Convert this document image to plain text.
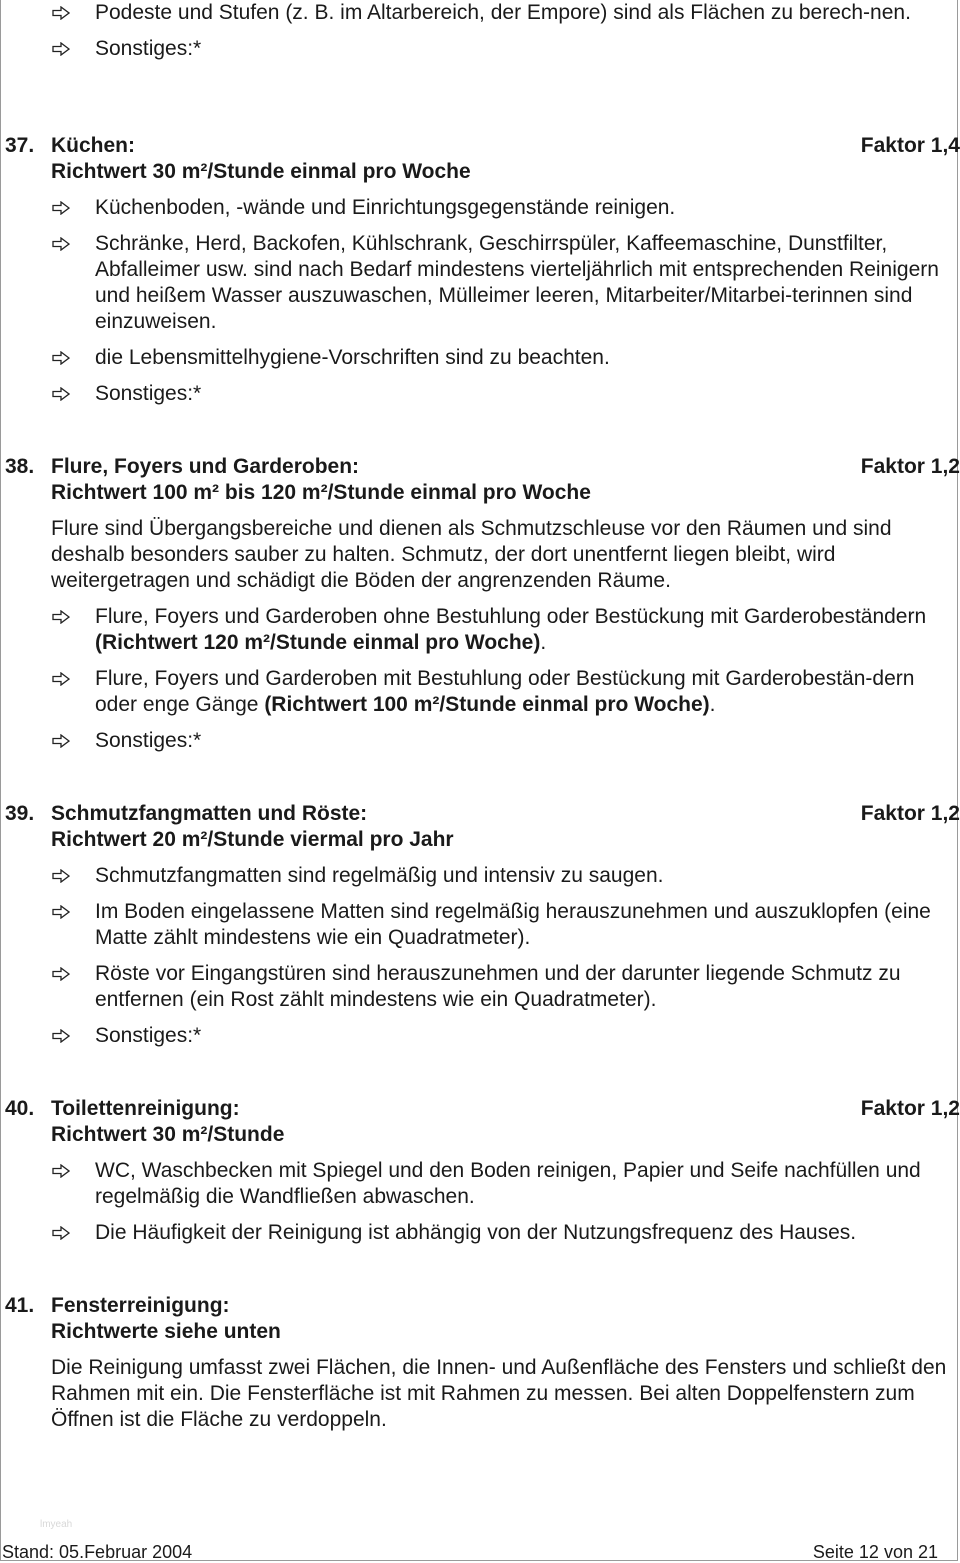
Podeste und Stufen (z. B. im Altarbereich, der Empore) sind als Flächen zu berech-nen.
Sonstiges:*
37. Küchen:	Faktor 1,4
Richtwert 30 m²/Stunde einmal pro Woche
Küchenboden, -wände und Einrichtungsgegenstände reinigen.
Schränke, Herd, Backofen, Kühlschrank, Geschirrspüler, Kaffeemaschine, Dunstfilter, Abfalleimer usw. sind nach Bedarf mindestens vierteljährlich mit entsprechenden Reinigern und heißem Wasser auszuwaschen, Mülleimer leeren, Mitarbeiter/Mitarbei-terinnen sind einzuweisen.
die Lebensmittelhygiene-Vorschriften sind zu beachten.
Sonstiges:*
38. Flure, Foyers und Garderoben:	Faktor 1,2
Richtwert 100 m² bis 120 m²/Stunde einmal pro Woche
Flure sind Übergangsbereiche und dienen als Schmutzschleuse vor den Räumen und sind deshalb besonders sauber zu halten. Schmutz, der dort unentfernt liegen bleibt, wird weitergetragen und schädigt die Böden der angrenzenden Räume.
Flure, Foyers und Garderoben ohne Bestuhlung oder Bestückung mit Garderobeständern (Richtwert 120 m²/Stunde einmal pro Woche).
Flure, Foyers und Garderoben mit Bestuhlung oder Bestückung mit Garderobestän-dern oder enge Gänge (Richtwert 100 m²/Stunde einmal pro Woche).
Sonstiges:*
39. Schmutzfangmatten und Röste:	Faktor 1,2
Richtwert 20 m²/Stunde viermal pro Jahr
Schmutzfangmatten sind regelmäßig und intensiv zu saugen.
Im Boden eingelassene Matten sind regelmäßig herauszunehmen und auszuklopfen (eine Matte zählt mindestens wie ein Quadratmeter).
Röste vor Eingangstüren sind herauszunehmen und der darunter liegende Schmutz zu entfernen (ein Rost zählt mindestens wie ein Quadratmeter).
Sonstiges:*
40. Toilettenreinigung:	Faktor 1,2
Richtwert 30 m²/Stunde
WC, Waschbecken mit Spiegel und den Boden reinigen, Papier und Seife nachfüllen und regelmäßig die Wandfließen abwaschen.
Die Häufigkeit der Reinigung ist abhängig von der Nutzungsfrequenz des Hauses.
41. Fensterreinigung:
Richtwerte siehe unten
Die Reinigung umfasst zwei Flächen, die Innen- und Außenfläche des Fensters und schließt den Rahmen mit ein. Die Fensterfläche ist mit Rahmen zu messen. Bei alten Doppelfenstern zum Öffnen ist die Fläche zu verdoppeln.
lmyeah
Stand: 05.Februar 2004	Seite 12 von 21
